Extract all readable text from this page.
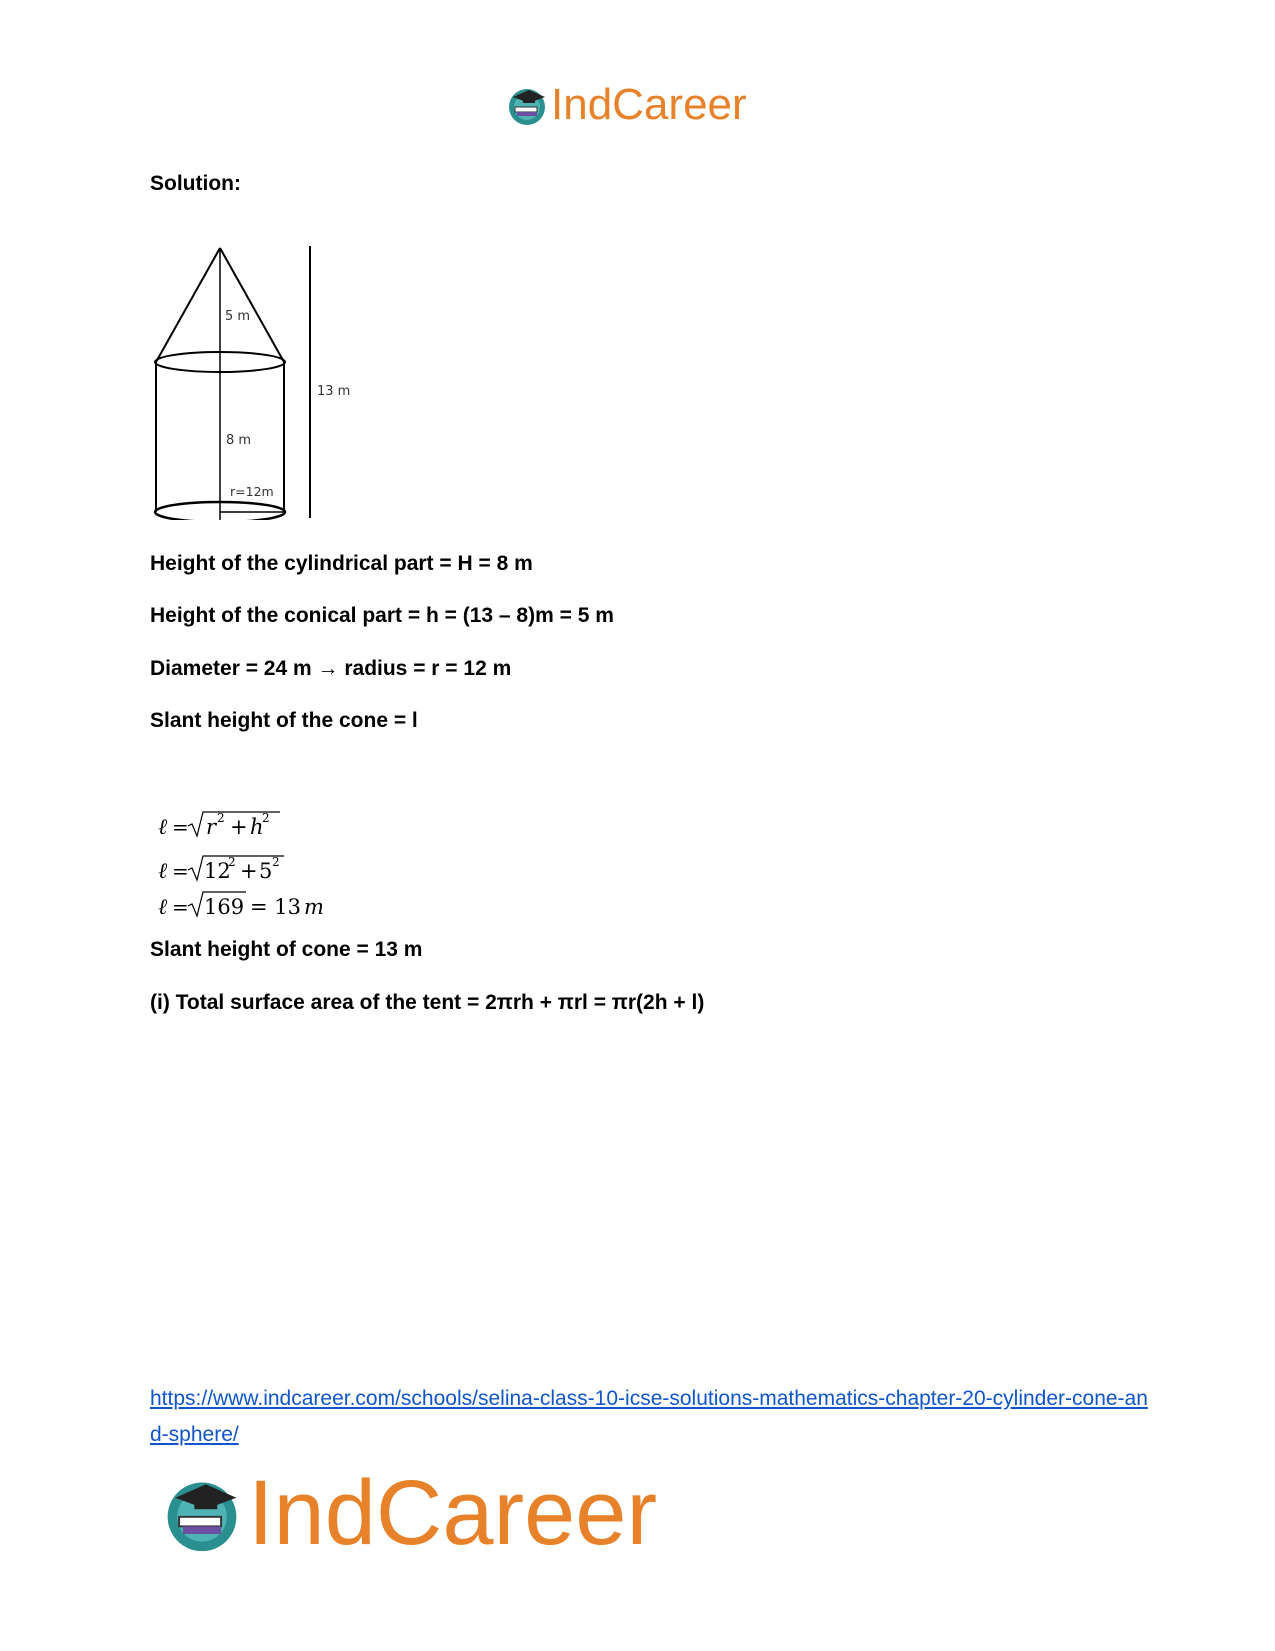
IndCareer
Solution:
5 m
8 m
13 m
r=12m
Height of the cylindrical part = H = 8 m
Height of the conical part = h = (13 – 8)m = 5 m
Diameter = 24 m → radius = r = 12 m
Slant height of the cone = l
ℓ = r 2 + h
2
ℓ = 12
2 + 5 2
ℓ = 169 = 13 m
Slant height of cone = 13 m
(i) Total surface area of the tent = 2πrh + πrl = πr(2h + l)
https://www.indcareer.com/schools/selina-class-10-icse-solutions-mathematics-chapter-20-cylinder-cone-and-sphere/
IndCareer
